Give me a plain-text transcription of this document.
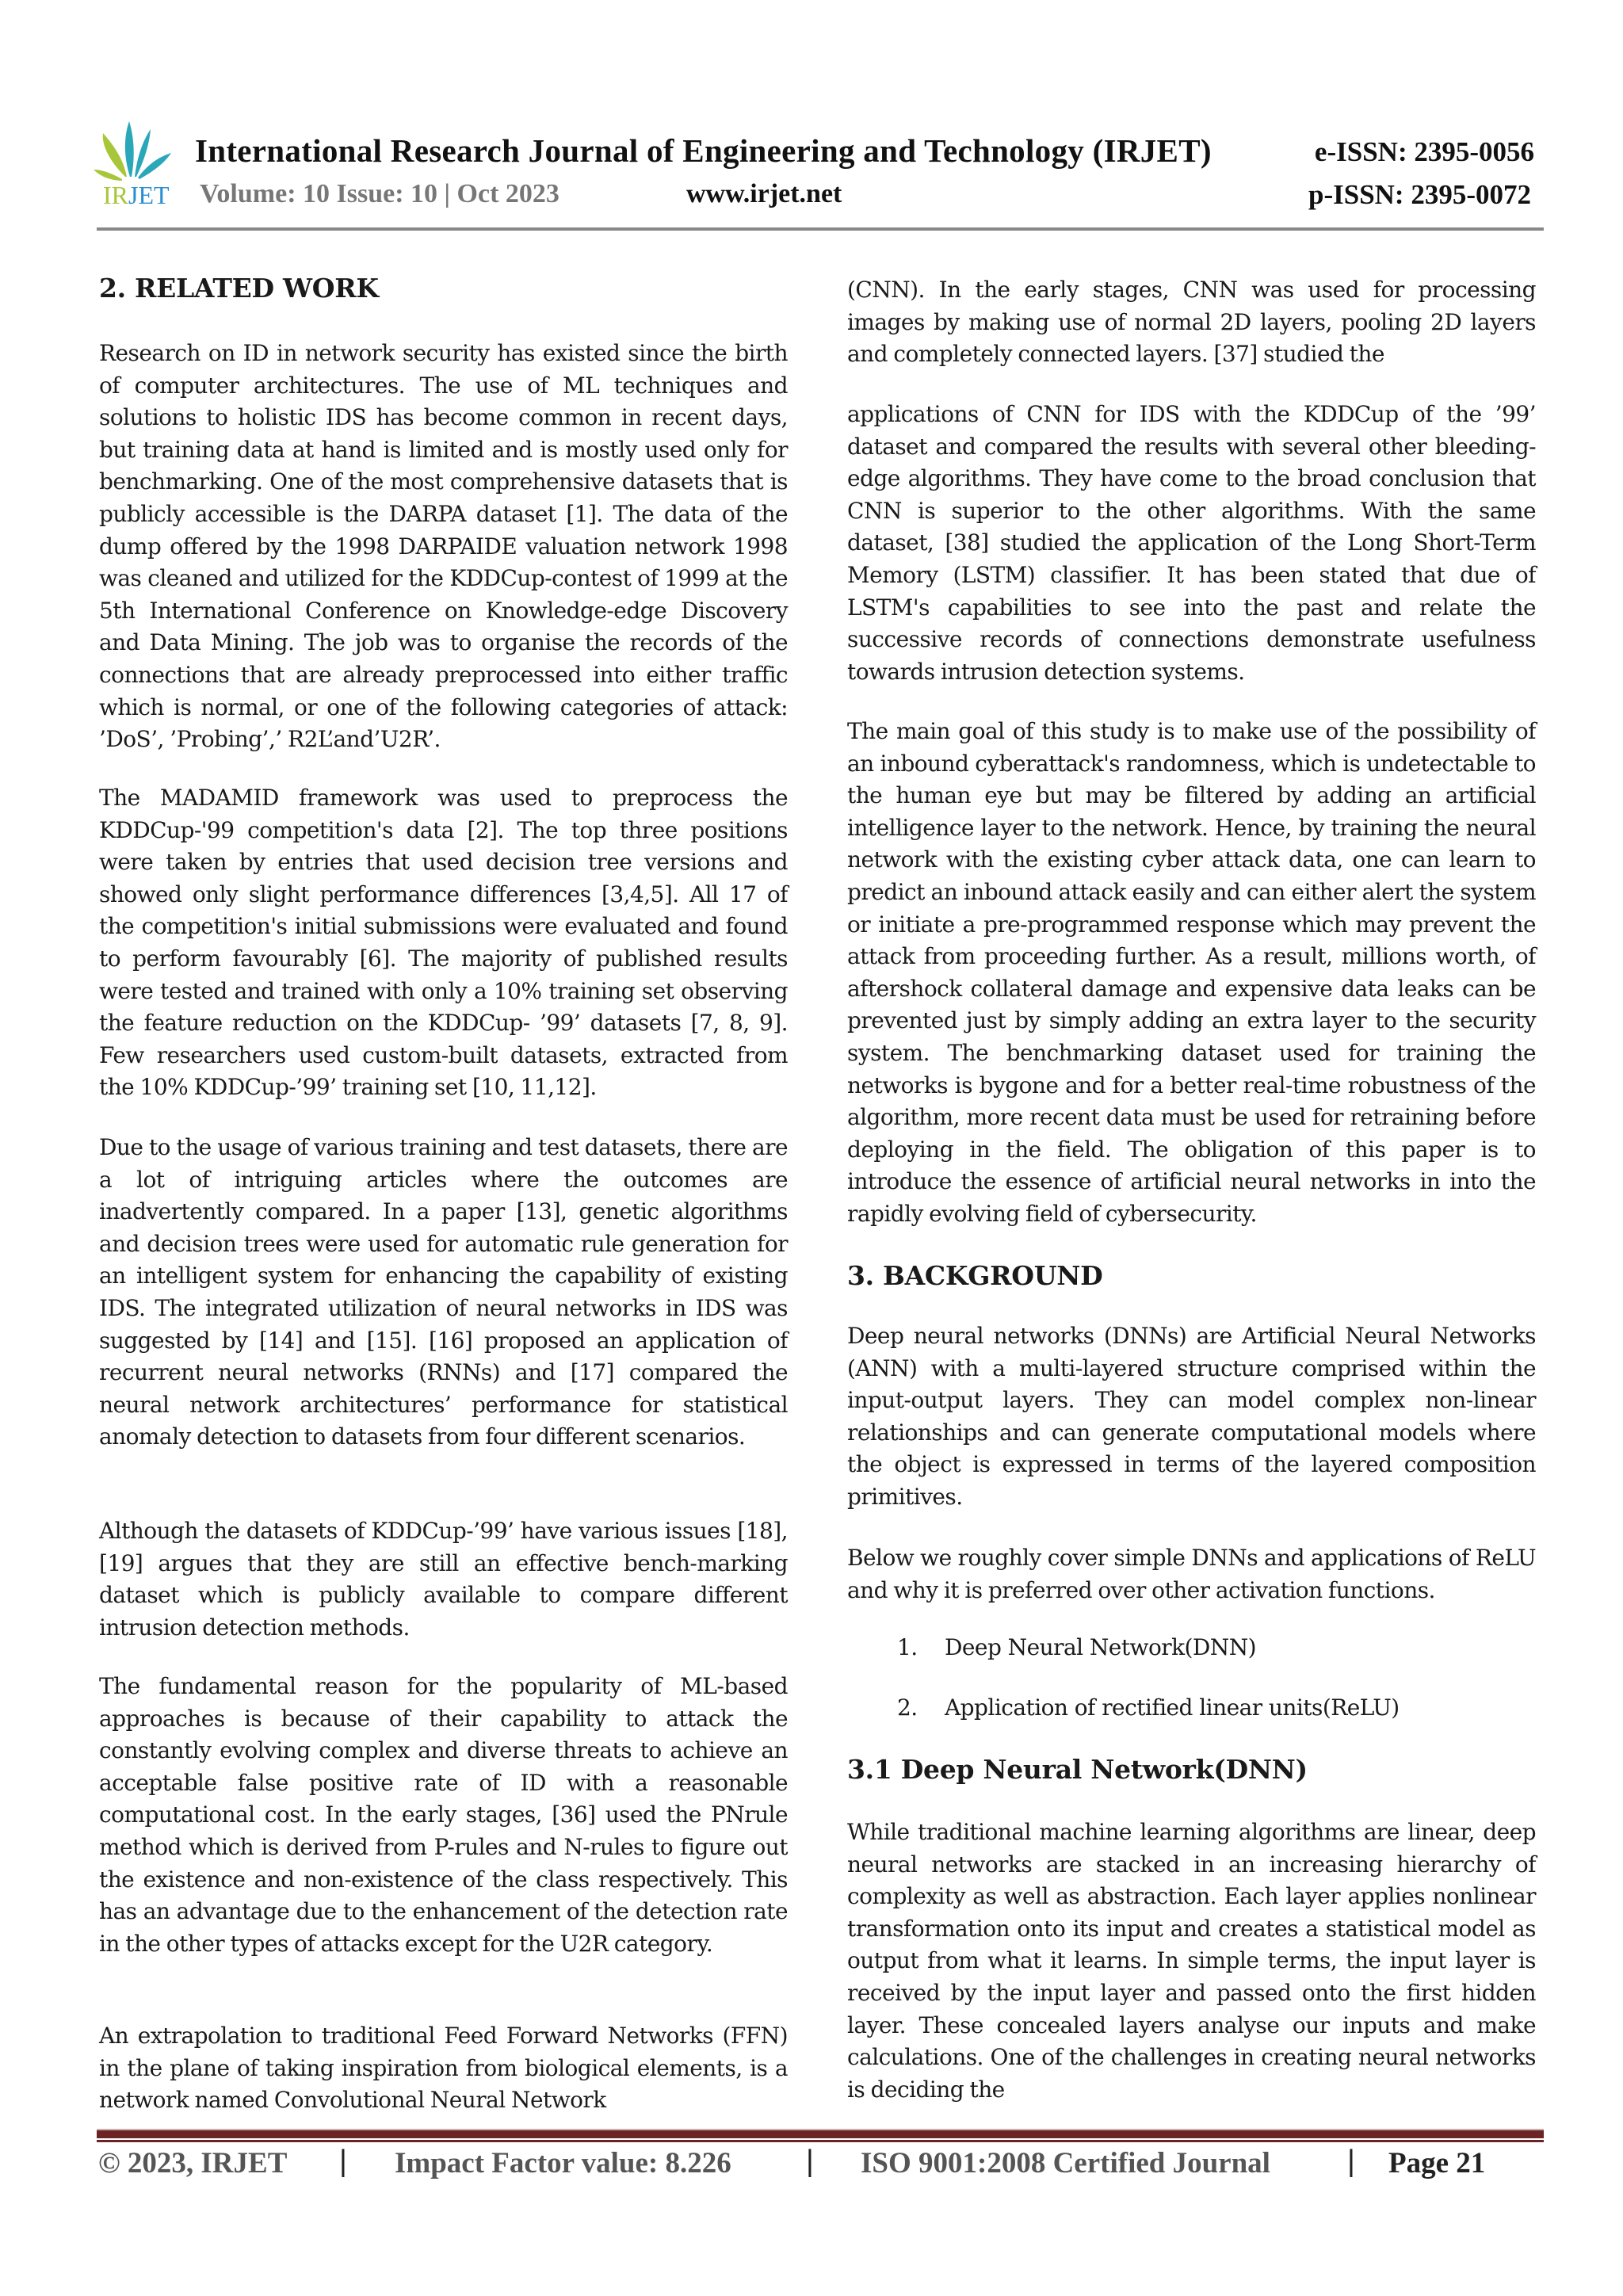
IRJET
International Research Journal of Engineering and Technology (IRJET)
Volume: 10 Issue: 10 | Oct 2023	www.irjet.net
e-ISSN: 2395-0056
p-ISSN: 2395-0072
2. RELATED WORK

Research on ID in network security has existed since the birth of computer architectures. The use of ML techniques and solutions to holistic IDS has become common in recent days, but training data at hand is limited and is mostly used only for benchmarking. One of the most comprehensive datasets that is publicly accessible is the DARPA dataset [1]. The data of the dump offered by the 1998 DARPAIDE valuation network 1998 was cleaned and utilized for the KDDCup-contest of 1999 at the 5th International Conference on Knowledge-edge Discovery and Data Mining. The job was to organise the records of the connections that are already preprocessed into either traffic which is normal, or one of the following categories of attack: ’DoS’, ’Probing’,’ R2L’and’U2R’.

The MADAMID framework was used to preprocess the KDDCup-'99 competition's data [2]. The top three positions were taken by entries that used decision tree versions and showed only slight performance differences [3,4,5]. All 17 of the competition's initial submissions were evaluated and found to perform favourably [6]. The majority of published results were tested and trained with only a 10% training set observing the feature reduction on the KDDCup- ’99’ datasets [7, 8, 9]. Few researchers used custom-built datasets, extracted from the 10% KDDCup-’99’ training set [10, 11,12].

Due to the usage of various training and test datasets, there are a lot of intriguing articles where the outcomes are inadvertently compared. In a paper [13], genetic algorithms and decision trees were used for automatic rule generation for an intelligent system for enhancing the capability of existing IDS. The integrated utilization of neural networks in IDS was suggested by [14] and [15]. [16] proposed an application of recurrent neural networks (RNNs) and [17] compared the neural network architectures’ performance for statistical anomaly detection to datasets from four different scenarios.

Although the datasets of KDDCup-’99’ have various issues [18], [19] argues that they are still an effective bench-marking dataset which is publicly available to compare different intrusion detection methods.

The fundamental reason for the popularity of ML-based approaches is because of their capability to attack the constantly evolving complex and diverse threats to achieve an acceptable false positive rate of ID with a reasonable computational cost. In the early stages, [36] used the PNrule method which is derived from P-rules and N-rules to figure out the existence and non-existence of the class respectively. This has an advantage due to the enhancement of the detection rate in the other types of attacks except for the U2R category.

An extrapolation to traditional Feed Forward Networks (FFN) in the plane of taking inspiration from biological elements, is a network named Convolutional Neural Network

(CNN). In the early stages, CNN was used for processing images by making use of normal 2D layers, pooling 2D layers and completely connected layers. [37] studied the

applications of CNN for IDS with the KDDCup of the ’99’ dataset and compared the results with several other bleeding-edge algorithms. They have come to the broad conclusion that CNN is superior to the other algorithms. With the same dataset, [38] studied the application of the Long Short-Term Memory (LSTM) classifier. It has been stated that due of LSTM's capabilities to see into the past and relate the successive records of connections demonstrate usefulness towards intrusion detection systems.

The main goal of this study is to make use of the possibility of an inbound cyberattack's randomness, which is undetectable to the human eye but may be filtered by adding an artificial intelligence layer to the network. Hence, by training the neural network with the existing cyber attack data, one can learn to predict an inbound attack easily and can either alert the system or initiate a pre-programmed response which may prevent the attack from proceeding further. As a result, millions worth, of aftershock collateral damage and expensive data leaks can be prevented just by simply adding an extra layer to the security system. The benchmarking dataset used for training the networks is bygone and for a better real-time robustness of the algorithm, more recent data must be used for retraining before deploying in the field. The obligation of this paper is to introduce the essence of artificial neural networks in into the rapidly evolving field of cybersecurity.

3. BACKGROUND

Deep neural networks (DNNs) are Artificial Neural Networks (ANN) with a multi-layered structure comprised within the input-output layers. They can model complex non-linear relationships and can generate computational models where the object is expressed in terms of the layered composition primitives.

Below we roughly cover simple DNNs and applications of ReLU and why it is preferred over other activation functions.

1. Deep Neural Network(DNN)
2. Application of rectified linear units(ReLU)
3.1 Deep Neural Network(DNN)

While traditional machine learning algorithms are linear, deep neural networks are stacked in an increasing hierarchy of complexity as well as abstraction. Each layer applies nonlinear transformation onto its input and creates a statistical model as output from what it learns. In simple terms, the input layer is received by the input layer and passed onto the first hidden layer. These concealed layers analyse our inputs and make calculations. One of the challenges in creating neural networks is deciding the

© 2023, IRJET | Impact Factor value: 8.226 | ISO 9001:2008 Certified Journal	| Page 21
